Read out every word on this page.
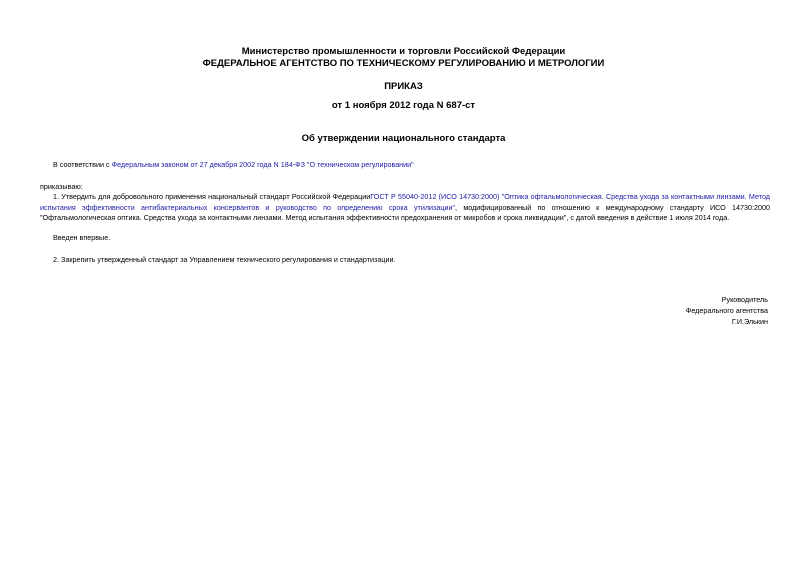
Министерство промышленности и торговли Российской Федерации
ФЕДЕРАЛЬНОЕ АГЕНТСТВО ПО ТЕХНИЧЕСКОМУ РЕГУЛИРОВАНИЮ И МЕТРОЛОГИИ
ПРИКАЗ
от 1 ноября 2012 года N 687-ст
Об утверждении национального стандарта
В соответствии с Федеральным законом от 27 декабря 2002 года N 184-ФЗ "О техническом регулировании"
приказываю:
1. Утвердить для добровольного применения национальный стандарт Российской ФедерацииГОСТ Р 55040-2012 (ИСО 14730:2000) "Оптика офтальмологическая. Средства ухода за контактными линзами. Метод испытания эффективности антибактериальных консервантов и руководство по определению срока утилизации", модифицированный по отношению к международному стандарту ИСО 14730:2000 "Офтальмологическая оптика. Средства ухода за контактными линзами. Метод испытания эффективности предохранения от микробов и срока ликвидации", с датой введения в действие 1 июля 2014 года.
Введен впервые.
2. Закрепить утвержденный стандарт за Управлением технического регулирования и стандартизации.
Руководитель
Федерального агентства
Г.И.Элькин
